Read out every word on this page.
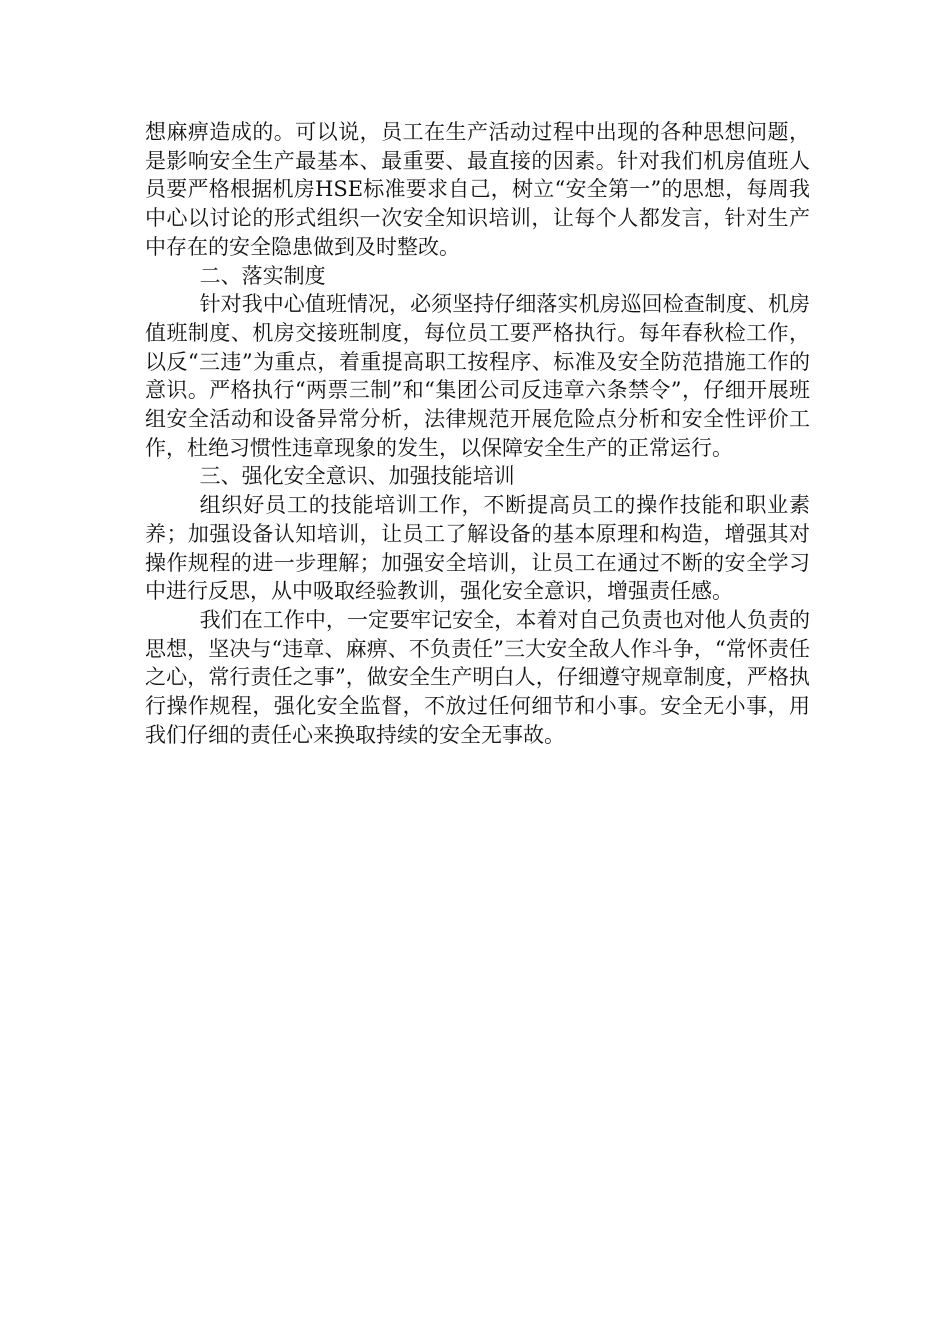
想麻痹造成的。可以说，员工在生产活动过程中出现的各种思想问题，是影响安全生产最基本、最重要、最直接的因素。针对我们机房值班人员要严格根据机房HSE标准要求自己，树立“安全第一”的思想，每周我中心以讨论的形式组织一次安全知识培训，让每个人都发言，针对生产中存在的安全隐患做到及时整改。

二、落实制度

针对我中心值班情况，必须坚持仔细落实机房巡回检查制度、机房值班制度、机房交接班制度，每位员工要严格执行。每年春秋检工作，以反“三违”为重点，着重提高职工按程序、标准及安全防范措施工作的意识。严格执行“两票三制”和“集团公司反违章六条禁令”，仔细开展班组安全活动和设备异常分析，法律规范开展危险点分析和安全性评价工作，杜绝习惯性违章现象的发生，以保障安全生产的正常运行。

三、强化安全意识、加强技能培训

组织好员工的技能培训工作，不断提高员工的操作技能和职业素养；加强设备认知培训，让员工了解设备的基本原理和构造，增强其对操作规程的进一步理解；加强安全培训，让员工在通过不断的安全学习中进行反思，从中吸取经验教训，强化安全意识，增强责任感。

我们在工作中，一定要牢记安全，本着对自己负责也对他人负责的思想，坚决与“违章、麻痹、不负责任”三大安全敌人作斗争，“常怀责任之心，常行责任之事”，做安全生产明白人，仔细遵守规章制度，严格执行操作规程，强化安全监督，不放过任何细节和小事。安全无小事，用我们仔细的责任心来换取持续的安全无事故。
